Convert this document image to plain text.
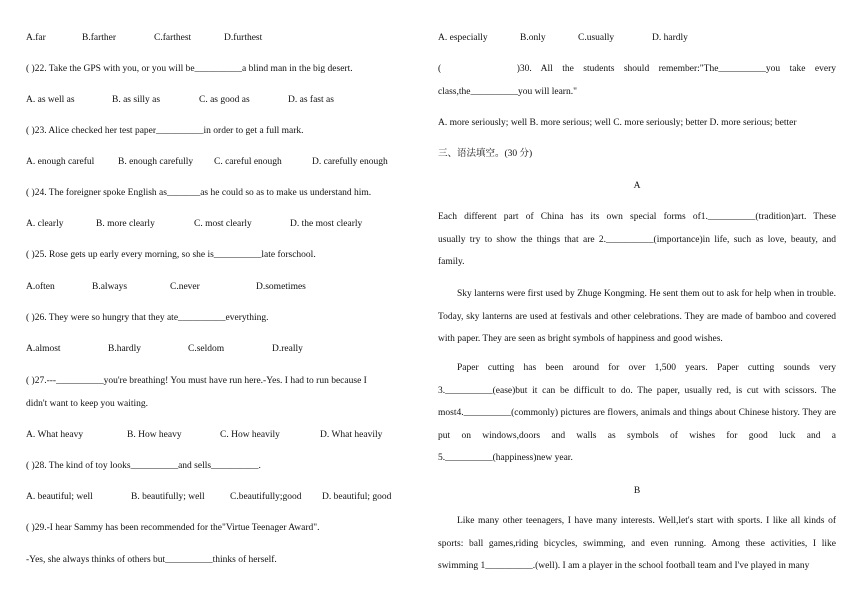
A.far	B.farther	C.farthest	D.furthest
( )22. Take the GPS with you, or you will be__________a blind man in the big desert.
A. as well as	B. as silly as	C. as good as	D. as fast as
( )23. Alice checked her test paper__________in order to get a full mark.
A. enough careful B. enough carefully C. careful enough	D. carefully enough
( )24. The foreigner spoke English as_______as he could so as to make us understand him.
A. clearly	B. more clearly	C. most clearly	D. the most clearly
( )25. Rose gets up early every morning, so she is__________late forschool.
A.often	B.always	C.never	D.sometimes
( )26. They were so hungry that they ate__________everything.
A.almost	B.hardly	C.seldom	D.really
( )27.---__________you're breathing! You must have run here.-Yes. I had to run because I
didn't want to keep you waiting.
A. What heavy	B. How heavy	C. How heavily	D. What heavily
( )28. The kind of toy looks__________and sells__________.
A. beautiful; well	B. beautifully; well	C.beautifully;good D. beautiful; good
( )29.-I hear Sammy has been recommended for the"Virtue Teenager Award".
-Yes, she always thinks of others but__________thinks of herself.
A. especially	B.only	C.usually	D. hardly
(                        )30.   All   the   students   should   remember:"The__________you   take   every
class,the__________you will learn."
A. more seriously; well B. more serious; well C. more seriously; better D. more serious; better
三、语法填空。(30 分)
A
Each  different  part  of  China  has  its  own  special  forms  of1.__________(tradition)art.  These
usually try to show the things that are 2.__________(importance)in life, such as love, beauty, and
family.
Sky lanterns were first used by Zhuge Kongming. He sent them out to ask for help when in trouble. Today, sky lanterns are used at festivals and other celebrations. They are made of bamboo and covered with paper. They are seen as bright symbols of happiness and good wishes.
Paper cutting has been around for over 1,500 years. Paper cutting sounds very 3.__________(ease)but it can be difficult to do. The paper, usually red, is cut with scissors. The most4.__________(commonly) pictures are flowers, animals and things about Chinese history. They are put on windows,doors and walls as symbols of wishes for good luck and a 5.__________(happiness)new year.
B
Like many other teenagers, I have many interests. Well,let's start with sports. I like all kinds of sports: ball games,riding bicycles, swimming, and even running. Among these activities, I like swimming 1__________.(well). I am a player in the school football team and I've played in many
